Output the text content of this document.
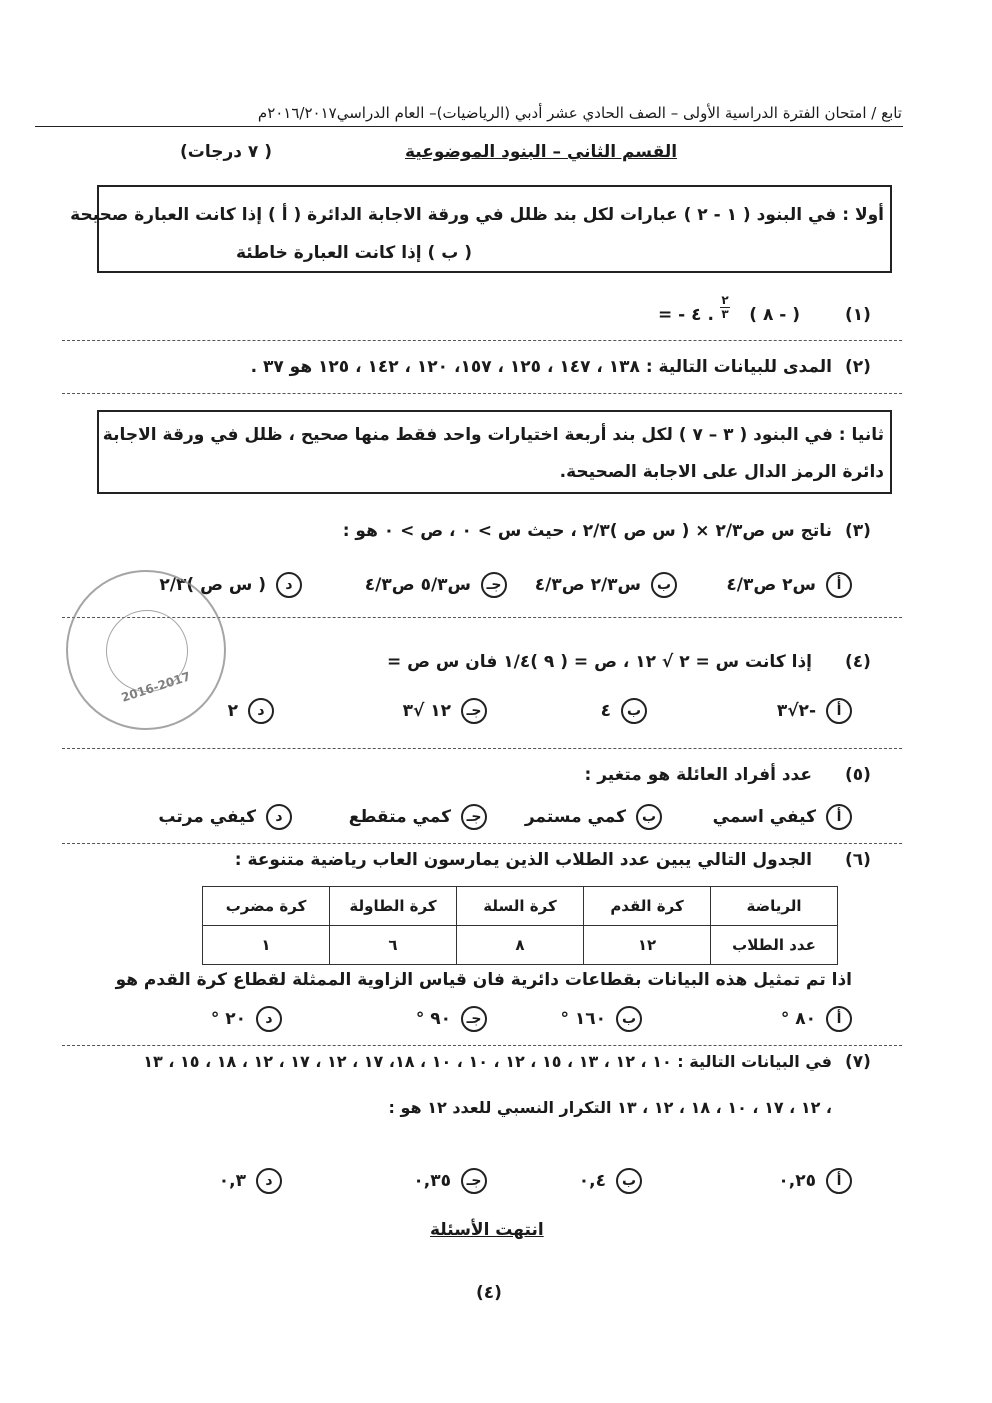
تابع / امتحان الفترة الدراسية الأولى – الصف الحادي عشر أدبي (الرياضيات)– العام الدراسي٢٠١٦/٢٠١٧م
القسم الثاني – البنود الموضوعية
( ٧ درجات)
أولا : في البنود ( ١ - ٢ ) عبارات لكل بند ظلل في ورقة الاجابة الدائرة ( أ ) إذا كانت العبارة صحيحة
( ب ) إذا كانت العبارة خاطئة
(١)
( - ٨ )
٢
٣
= - ٤ .
(٢)
المدى للبيانات التالية : ١٣٨ ، ١٤٧ ، ١٢٥ ، ١٥٧، ١٢٠ ، ١٤٢ ، ١٢٥ هو ٣٧ .
ثانيا : في البنود ( ٣ – ٧ ) لكل بند أربعة اختيارات واحد فقط منها صحيح ، ظلل في ورقة الاجابة
دائرة الرمز الدال على الاجابة الصحيحة.
(٣)
ناتج س ص٢/٣ × ( س ص )٢/٣ ، حيث س > ٠ ، ص > ٠ هو :
أ
س٢ ص٤/٣
ب
س٢/٣ ص٤/٣
جـ
س٥/٣ ص٤/٣
د
( س ص )٢/٣
(٤)
إذا كانت س = ٢ √ ١٢ ، ص = ( ٩ )١/٤ فان س ص =
أ
-٢√٣
ب
٤
جـ
١٢ √٣
د
٢
2016-2017
(٥)
عدد أفراد العائلة هو متغير :
أ
كيفي اسمي
ب
كمي مستمر
جـ
كمي متقطع
د
كيفي مرتب
(٦)
الجدول التالي يبين عدد الطلاب الذين يمارسون العاب رياضية متنوعة :
الرياضة	كرة القدم	كرة السلة	كرة الطاولة	كرة مضرب
عدد الطلاب	١٢	٨	٦	١
اذا تم تمثيل هذه البيانات بقطاعات دائرية فان قياس الزاوية الممثلة لقطاع كرة القدم هو
أ
٨٠ °
ب
١٦٠ °
جـ
٩٠ °
د
٢٠ °
(٧)
في البيانات التالية : ١٠ ، ١٢ ، ١٣ ، ١٥ ، ١٢ ، ١٠ ، ١٠ ، ١٨، ١٧ ، ١٢ ، ١٧ ، ١٢ ، ١٨ ، ١٥ ، ١٣
، ١٢ ، ١٧ ، ١٠ ، ١٨ ، ١٢ ، ١٣ التكرار النسبي للعدد ١٢ هو :
أ
٠,٢٥
ب
٠,٤
جـ
٠,٣٥
د
٠,٣
انتهت الأسئلة
(٤)
